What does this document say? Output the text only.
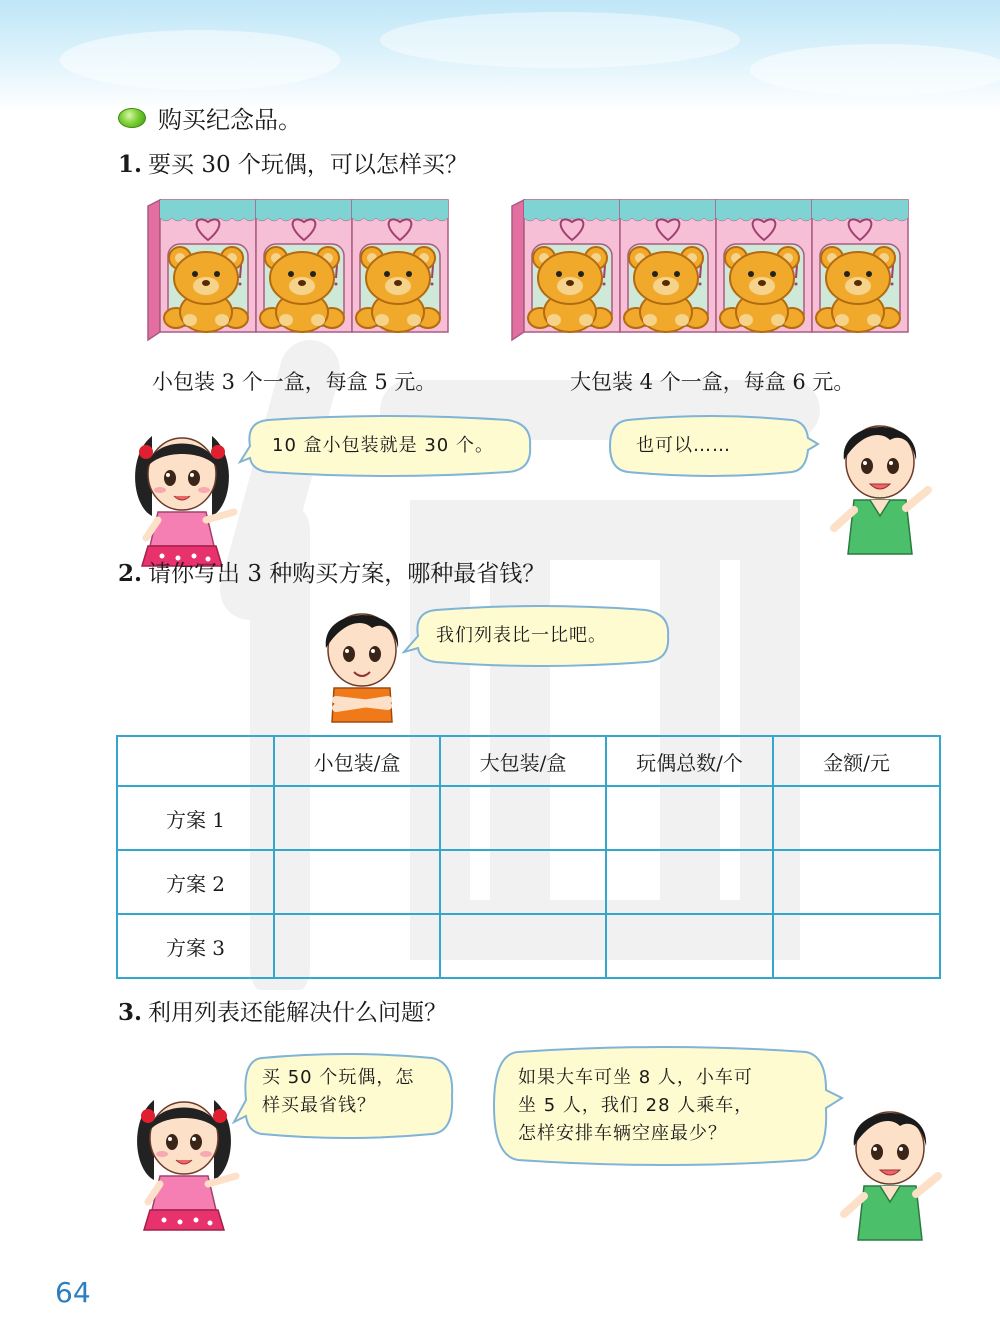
购买纪念品。
1. 要买 30 个玩偶，可以怎样买？
小包装 3 个一盒，每盒 5 元。	大包装 4 个一盒，每盒 6 元。
10 盒小包装就是 30 个。	也可以……
2. 请你写出 3 种购买方案，哪种最省钱？
我们列表比一比吧。
	小包装/盒	大包装/盒	玩偶总数/个	金额/元
方案 1				
方案 2				
方案 3				
3. 利用列表还能解决什么问题？
买 50 个玩偶，怎
样买最省钱？
如果大车可坐 8 人，小车可
坐 5 人，我们 28 人乘车，
怎样安排车辆空座最少？
64
